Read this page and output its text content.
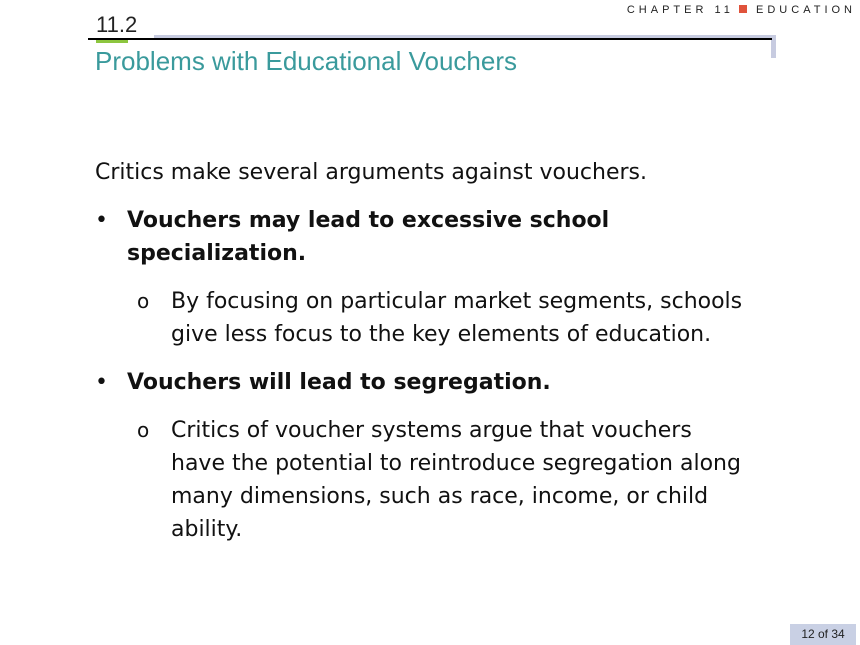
CHAPTER 11 EDUCATION
11.2
Problems with Educational Vouchers

Critics make several arguments against vouchers.

• Vouchers may lead to excessive school specialization.
o By focusing on particular market segments, schools give less focus to the key elements of education.
• Vouchers will lead to segregation.
o Critics of voucher systems argue that vouchers have the potential to reintroduce segregation along many dimensions, such as race, income, or child ability.
12 of 34
